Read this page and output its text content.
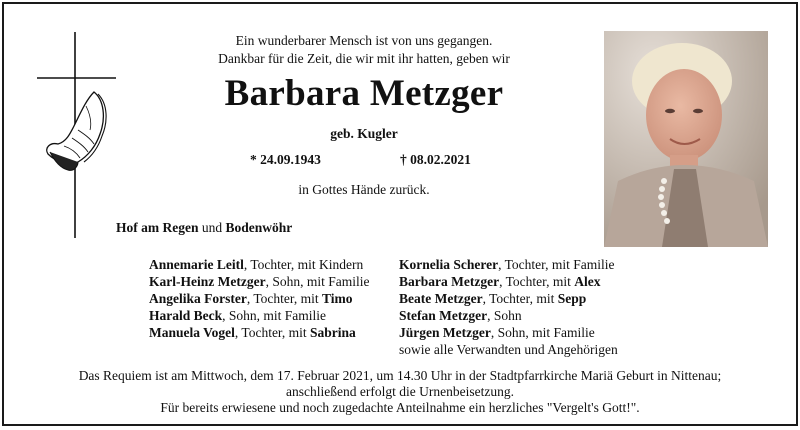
Ein wunderbarer Mensch ist von uns gegangen.
Dankbar für die Zeit, die wir mit ihr hatten, geben wir
Barbara Metzger
geb. Kugler
* 24.09.1943	† 08.02.2021
in Gottes Hände zurück.
Hof am Regen und Bodenwöhr
Annemarie Leitl, Tochter, mit Kindern
Karl-Heinz Metzger, Sohn, mit Familie
Angelika Forster, Tochter, mit Timo
Harald Beck, Sohn, mit Familie
Manuela Vogel, Tochter, mit Sabrina
Kornelia Scherer, Tochter, mit Familie
Barbara Metzger, Tochter, mit Alex
Beate Metzger, Tochter, mit Sepp
Stefan Metzger, Sohn
Jürgen Metzger, Sohn, mit Familie
sowie alle Verwandten und Angehörigen
Das Requiem ist am Mittwoch, dem 17. Februar 2021, um 14.30 Uhr in der Stadtpfarrkirche Mariä Geburt in Nittenau;
anschließend erfolgt die Urnenbeisetzung.
Für bereits erwiesene und noch zugedachte Anteilnahme ein herzliches "Vergelt's Gott!".
